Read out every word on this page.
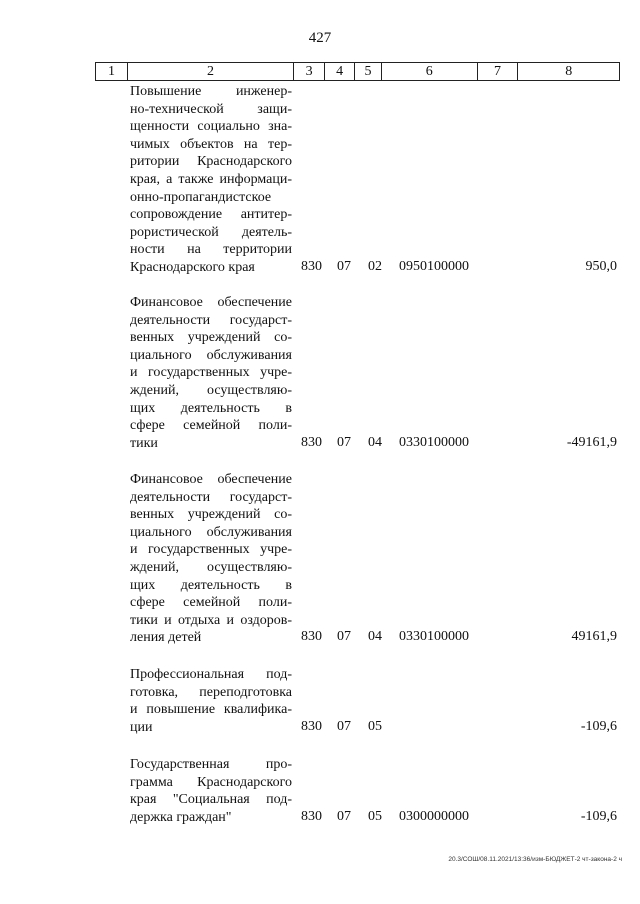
427
1	2	3	4	5	6	7	8
Повышение инженер-
но-технической защи-
щенности социально зна-
чимых объектов на тер-
ритории Краснодарского
края, а также информаци-
онно-пропагандистское
сопровождение антитер-
рористической деятель-
ности на территории
Краснодарского края	830 07 02 0950100000	950,0
Финансовое обеспечение
деятельности государст-
венных учреждений со-
циального обслуживания
и государственных учре-
ждений, осуществляю-
щих деятельность в
сфере семейной поли-
тики	830 07 04 0330100000	-49161,9
Финансовое обеспечение
деятельности государст-
венных учреждений со-
циального обслуживания
и государственных учре-
ждений, осуществляю-
щих деятельность в
сфере семейной поли-
тики и отдыха и оздоров-
ления детей	830 07 04 0330100000	49161,9
Профессиональная под-
готовка, переподготовка
и повышение квалифика-
ции	830 07 05	-109,6
Государственная про-
грамма Краснодарского
края "Социальная под-
держка граждан"	830 07 05 0300000000	-109,6
20.3/СОШ/08.11.2021/13:36/изм-БЮДЖЕТ-2 чт-закона-2 ч
